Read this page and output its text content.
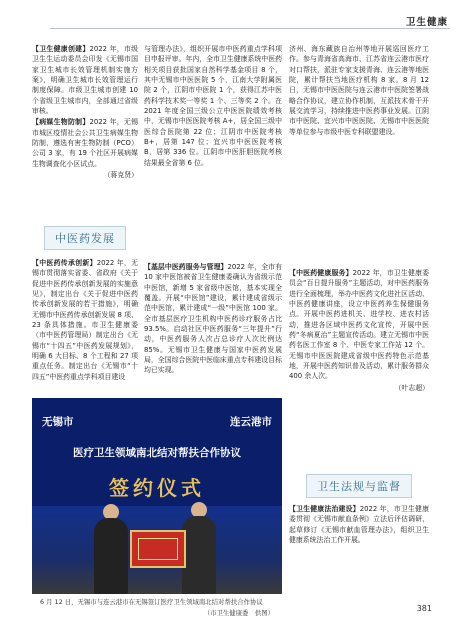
卫生健康

【卫生健康创建】2022 年，市级卫生生运动委员会印发《无锡市国家卫生城市长效管理机制实施方案》，明确卫生城市长效管理运行制度保障。市级卫生城市创建 10 个省级卫生城市内，全部通过省级审核。

【病媒生物防制】2022 年，无锡市城区疫情社会公共卫生病媒生物防制，遵选有害生物防制（PCO）公司 3 家，有 19 个社区开展病媒生物调查化小区试点。

（蒋克贤）

中医药发展

【中医药传承创新】2022 年，无锡市贯彻落实省委、省政府《关于促进中医药传承创新发展的实施意见》，制定出台《关于促进中医药传承创新发展的若干措施》，明确无锡市中医药传承创新发展 8 项、23 条具体措施。市卫生健康委（市中医药管理局）制定出台《无锡市“十四五”中医药发展规划》，明确 6 大目标、8 个工程和 27 项重点任务。制定出台《无锡市“十四五”中医药重点学科项目建设

与管理办法》，组织开展市中医药重点学科项目申报评审。年内，全市卫生健康系统中医药相关项目获批国家自然科学基金项目 8 个，其中无锡市中医医院 5 个，江南大学附属医院 2 个，江阴市中医院 1 个，获得江苏中医药科学技术奖一等奖 1 个、三等奖 2 个。在 2021 年度全国三级公立中医医院绩效考核中，无锡市中医医院考核 A+，居全国三级中医综合医院第 22 位；江阴市中医院考核 B+，居第 147 位；宜兴市中医医院考核 B，居第 336 位。江阴市中医肝胆医院考核结果最全省第 6 位。

【基层中医药服务与管理】2022 年，全市有 10 家中医馆被省卫生健康委确认为省级示范中医馆，新增 5 家省级中医馆，基本实现全覆盖。开展“中医馆”建设，累计建成省级示范中医馆，累计建成“一级”中医馆 100 家。全市基层医疗卫生机构中医药诊疗服务占比 93.5%。启动社区中医药服务“三年提升”行动，中医药服务人次占总诊疗人次比例达 85%。无锡市卫生健康与国家中医药发展局，全国综合医院中医临床重点专科建设目标均已实现。

无锡市	连云港市
医疗卫生领域南北结对帮扶合作协议
签约仪式
6 月 12 日，无锡市与连云港市在无锡签订医疗卫生领域南北结对帮扶合作协议
（市卫生健康委　供图）

济州、海东藏族自治州等地开展巡回医疗工作。参与青海省高海市、江苏省连云港市医疗对口帮扶，派驻专家支援青海、连云港等地医院，累计帮扶当地医疗机构 8 家。8 月 12 日，无锡市中医医院与连云港市中医院签署战略合作协议，建立协作机制，互派技术骨干开展交流学习，持续推进中医药事业发展。江阴市中医院、宜兴市中医医院、无锡市中医医院等单位参与市级中医专科联盟建设。

【中医药健康服务】2022 年，市卫生健康委员会“百日提升服务”主题活动，对中医药服务进行全面梳理，举办中医药文化进社区活动、中医药健康讲座，设立中医药养生保健服务点。开展中医药进机关、进学校、进农村活动，推进各区域中医药文化宣传，开展中医药“冬病夏治”主题宣传活动。建立无锡市中医药名医工作室 8 个、中医专家工作站 12 个。无锡市中医医院建成省级中医药特色示范基地，开展中医药知识普及活动，累计服务群众 400 余人次。

（叶志超）

卫生法规与监督

【卫生健康法治建设】2022 年，市卫生健康委贯彻《无锡市献血条例》立法后评估调研，起草修订《无锡市献血管理办法》，组织卫生健康系统法治工作开展。

381
